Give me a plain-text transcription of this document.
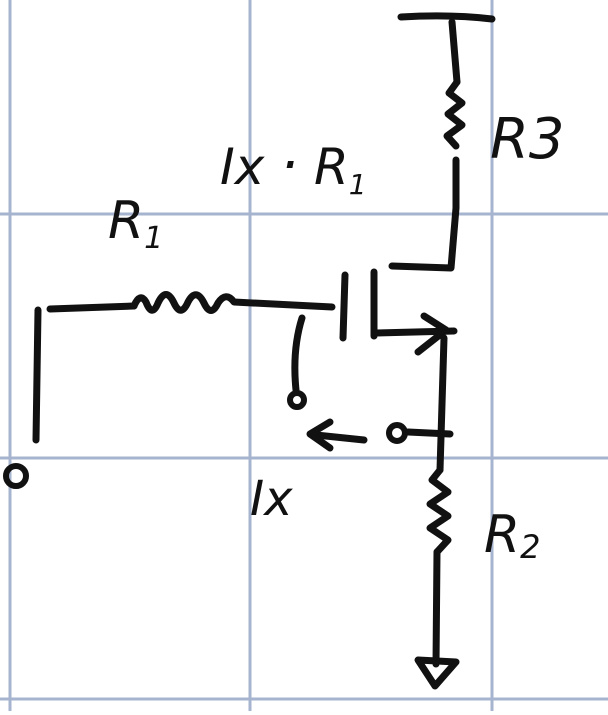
R1
$Ix \cdot R_1$
R3
R2
Ix
